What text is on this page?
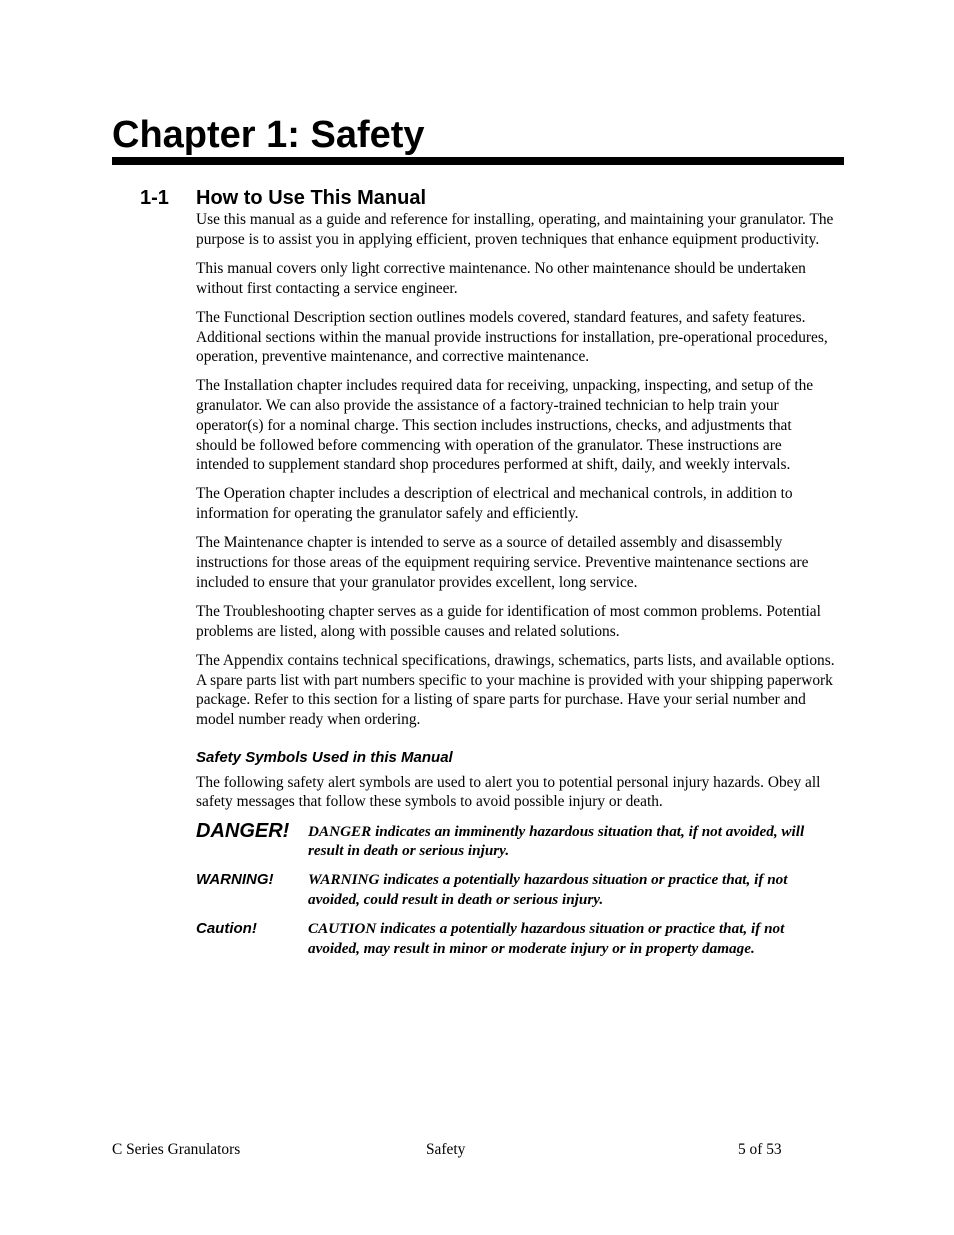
Chapter 1: Safety
1-1 How to Use This Manual

Use this manual as a guide and reference for installing, operating, and maintaining your granulator. The purpose is to assist you in applying efficient, proven techniques that enhance equipment productivity.

This manual covers only light corrective maintenance. No other maintenance should be undertaken without first contacting a service engineer.

The Functional Description section outlines models covered, standard features, and safety features. Additional sections within the manual provide instructions for installation, pre-operational procedures, operation, preventive maintenance, and corrective maintenance.

The Installation chapter includes required data for receiving, unpacking, inspecting, and setup of the granulator. We can also provide the assistance of a factory-trained technician to help train your operator(s) for a nominal charge. This section includes instructions, checks, and adjustments that should be followed before commencing with operation of the granulator. These instructions are intended to supplement standard shop procedures performed at shift, daily, and weekly intervals.

The Operation chapter includes a description of electrical and mechanical controls, in addition to information for operating the granulator safely and efficiently.

The Maintenance chapter is intended to serve as a source of detailed assembly and disassembly instructions for those areas of the equipment requiring service. Preventive maintenance sections are included to ensure that your granulator provides excellent, long service.

The Troubleshooting chapter serves as a guide for identification of most common problems. Potential problems are listed, along with possible causes and related solutions.

The Appendix contains technical specifications, drawings, schematics, parts lists, and available options. A spare parts list with part numbers specific to your machine is provided with your shipping paperwork package. Refer to this section for a listing of spare parts for purchase. Have your serial number and model number ready when ordering.

Safety Symbols Used in this Manual

The following safety alert symbols are used to alert you to potential personal injury hazards. Obey all safety messages that follow these symbols to avoid possible injury or death.

DANGER!	DANGER indicates an imminently hazardous situation that, if not avoided, will result in death or serious injury.
WARNING!	WARNING indicates a potentially hazardous situation or practice that, if not avoided, could result in death or serious injury.
Caution!	CAUTION indicates a potentially hazardous situation or practice that, if not avoided, may result in minor or moderate injury or in property damage.
C Series Granulators	Safety	5 of 53
